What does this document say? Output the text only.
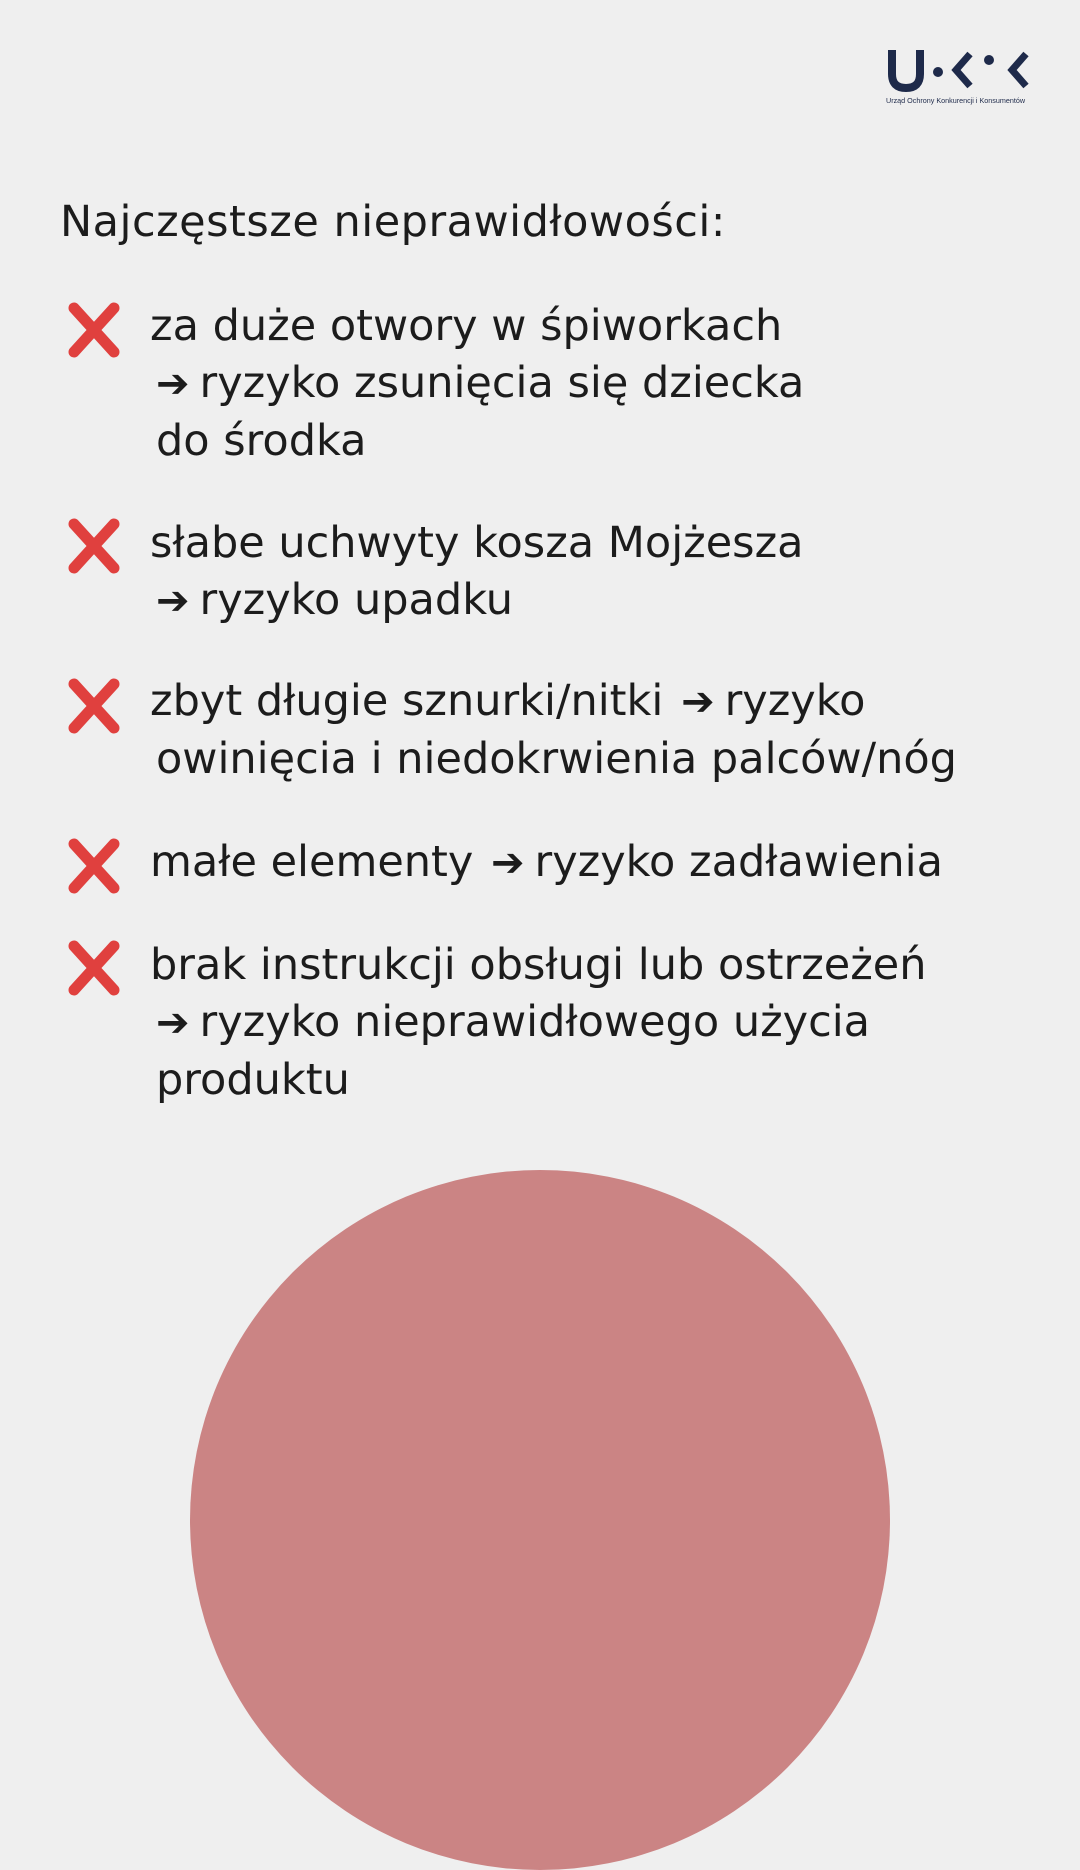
Urząd Ochrony Konkurencji i Konsumentów
Najczęstsze nieprawidłowości:
za duże otwory w śpiworkach
➔ ryzyko zsunięcia się dziecka
do środka
słabe uchwyty kosza Mojżesza
➔ ryzyko upadku
zbyt długie sznurki/nitki ➔ ryzyko
owinięcia i niedokrwienia palców/nóg
małe elementy ➔ ryzyko zadławienia
brak instrukcji obsługi lub ostrzeżeń
➔ ryzyko nieprawidłowego użycia
produktu
